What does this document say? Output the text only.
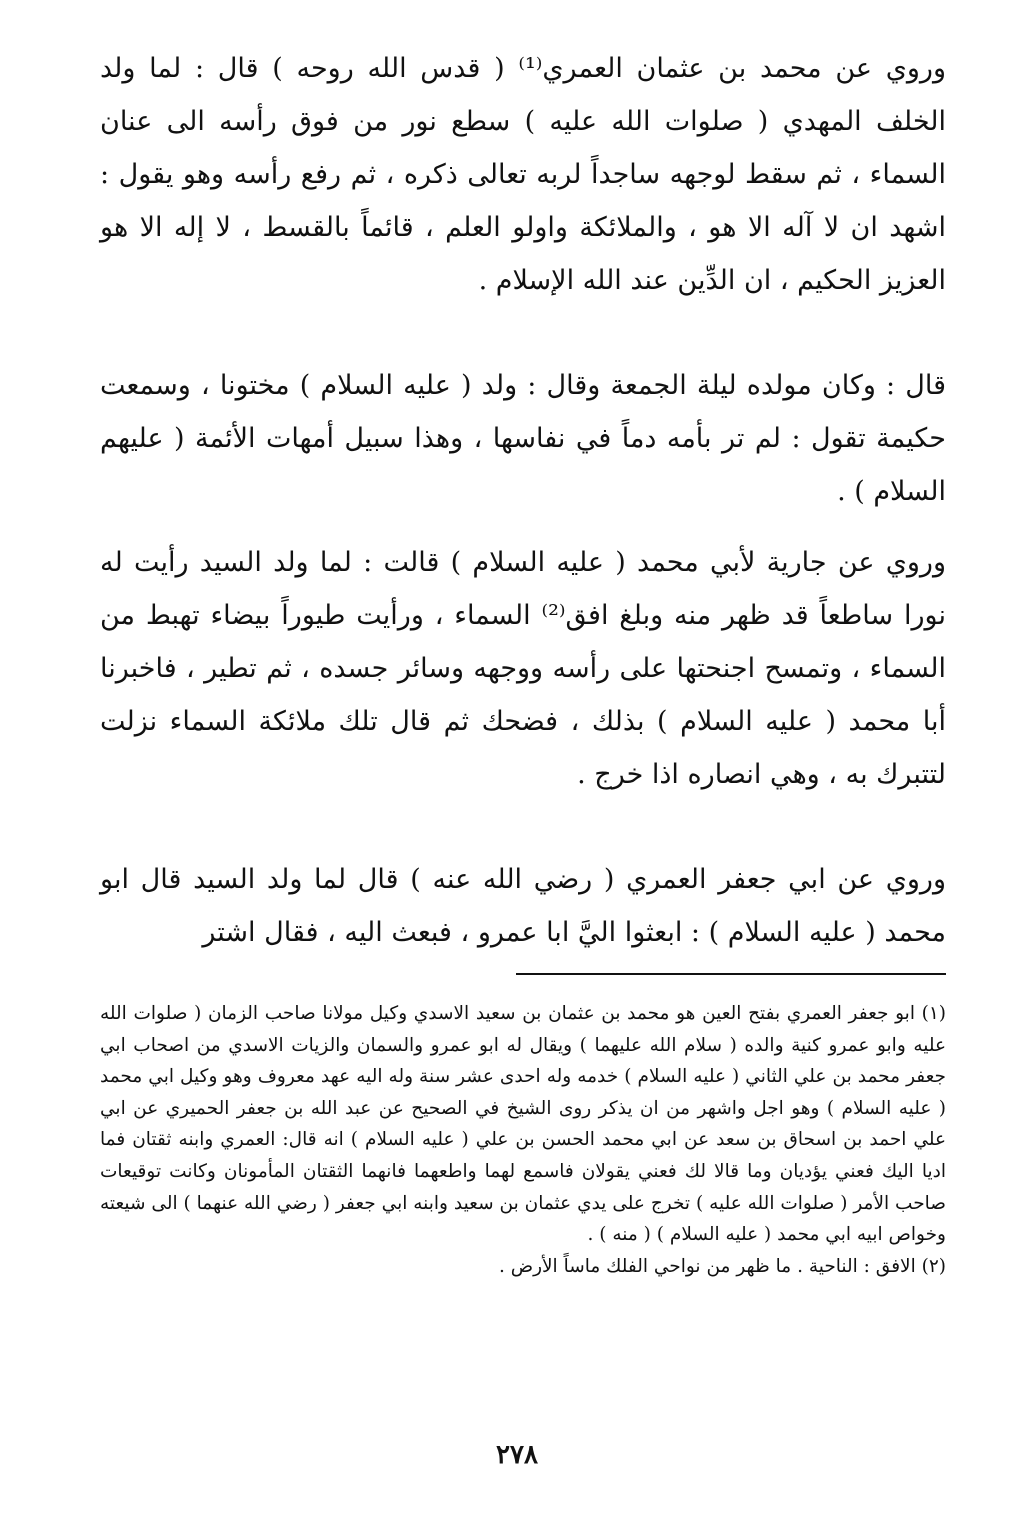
وروي عن محمد بن عثمان العمري⁽¹⁾ ( قدس الله روحه ) قال : لما ولد الخلف المهدي ( صلوات الله عليه ) سطع نور من فوق رأسه الى عنان السماء ، ثم سقط لوجهه ساجداً لربه تعالى ذكره ، ثم رفع رأسه وهو يقول : اشهد ان لا آله الا هو ، والملائكة واولو العلم ، قائماً بالقسط ، لا إله الا هو العزيز الحكيم ، ان الدِّين عند الله الإسلام .

قال : وكان مولده ليلة الجمعة وقال : ولد ( عليه السلام ) مختونا ، وسمعت حكيمة تقول : لم تر بأمه دماً في نفاسها ، وهذا سبيل أمهات الأئمة ( عليهم السلام ) .

وروي عن جارية لأبي محمد ( عليه السلام ) قالت : لما ولد السيد رأيت له نورا ساطعاً قد ظهر منه وبلغ افق⁽²⁾ السماء ، ورأيت طيوراً بيضاء تهبط من السماء ، وتمسح اجنحتها على رأسه ووجهه وسائر جسده ، ثم تطير ، فاخبرنا أبا محمد ( عليه السلام ) بذلك ، فضحك ثم قال تلك ملائكة السماء نزلت لتتبرك به ، وهي انصاره اذا خرج .

وروي عن ابي جعفر العمري ( رضي الله عنه ) قال لما ولد السيد قال ابو محمد ( عليه السلام ) : ابعثوا اليَّ ابا عمرو ، فبعث اليه ، فقال اشتر

(١) ابو جعفر العمري بفتح العين هو محمد بن عثمان بن سعيد الاسدي وكيل مولانا صاحب الزمان ( صلوات الله عليه وابو عمرو كنية والده ( سلام الله عليهما ) ويقال له ابو عمرو والسمان والزيات الاسدي من اصحاب ابي جعفر محمد بن علي الثاني ( عليه السلام ) خدمه وله احدى عشر سنة وله اليه عهد معروف وهو وكيل ابي محمد ( عليه السلام ) وهو اجل واشهر من ان يذكر روى الشيخ في الصحيح عن عبد الله بن جعفر الحميري عن ابي علي احمد بن اسحاق بن سعد عن ابي محمد الحسن بن علي ( عليه السلام ) انه قال: العمري وابنه ثقتان فما اديا اليك فعني يؤديان وما قالا لك فعني يقولان فاسمع لهما واطعهما فانهما الثقتان المأمونان وكانت توقيعات صاحب الأمر ( صلوات الله عليه ) تخرج على يدي عثمان بن سعيد وابنه ابي جعفر ( رضي الله عنهما ) الى شيعته وخواص ابيه ابي محمد ( عليه السلام ) ( منه ) .

(٢) الافق : الناحية . ما ظهر من نواحي الفلك ماساً الأرض .

٢٧٨
